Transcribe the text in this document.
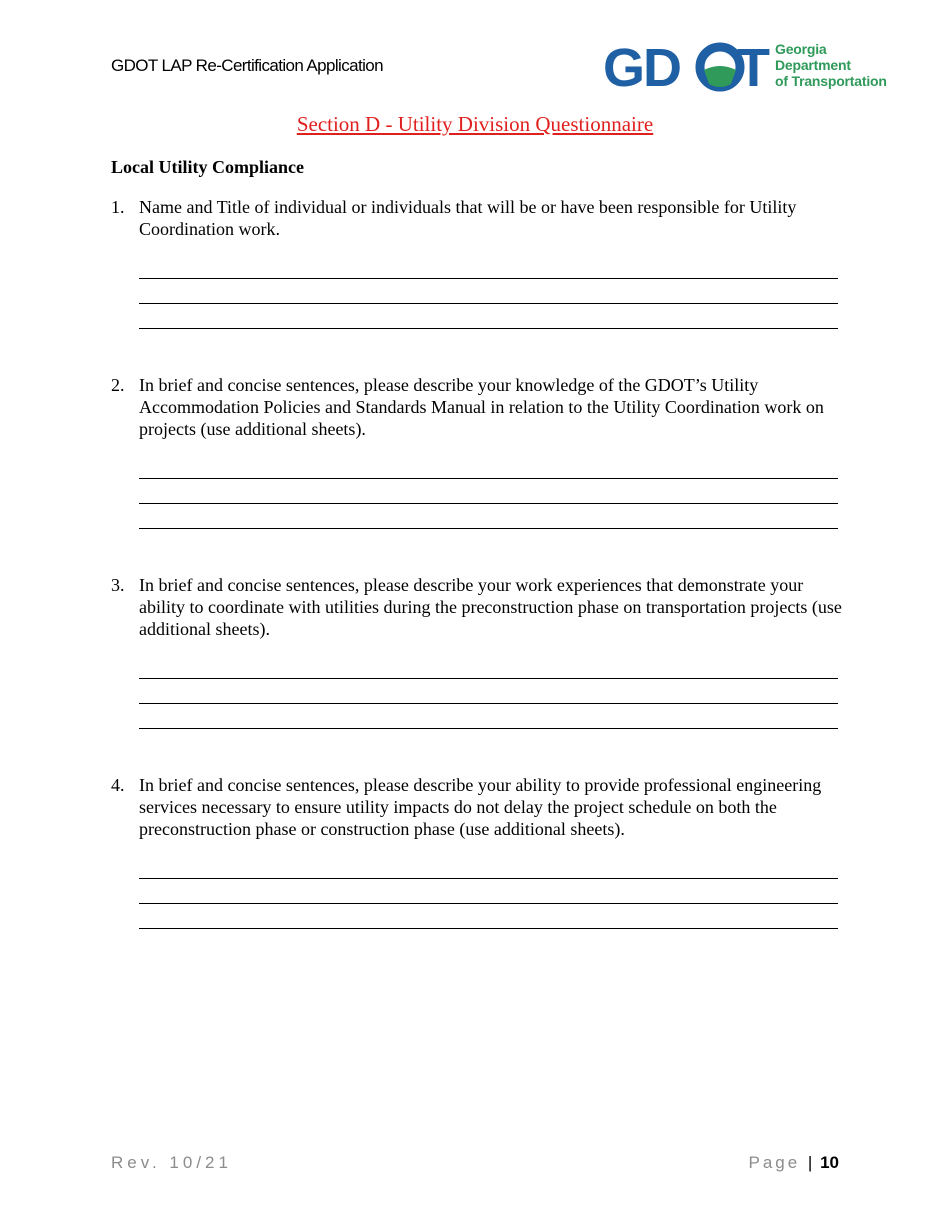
GDOT LAP Re-Certification Application	GD T Georgia
Department
of Transportation
Section D - Utility Division Questionnaire
Local Utility Compliance
1. Name and Title of individual or individuals that will be or have been responsible for Utility Coordination work.
2. In brief and concise sentences, please describe your knowledge of the GDOT’s Utility Accommodation Policies and Standards Manual in relation to the Utility Coordination work on projects (use additional sheets).
3. In brief and concise sentences, please describe your work experiences that demonstrate your ability to coordinate with utilities during the preconstruction phase on transportation projects (use additional sheets).
4. In brief and concise sentences, please describe your ability to provide professional engineering services necessary to ensure utility impacts do not delay the project schedule on both the preconstruction phase or construction phase (use additional sheets).
Rev. 10/21	Page | 10
